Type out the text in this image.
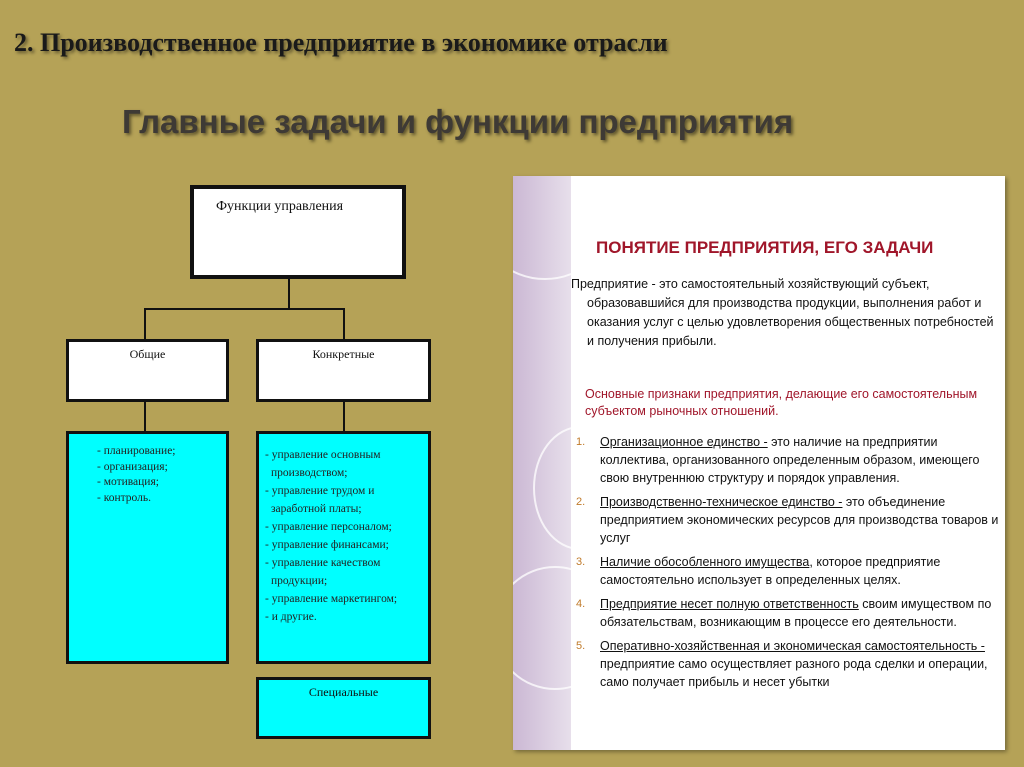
2. Производственное предприятие в экономике отрасли
Главные задачи и функции предприятия
Функции управления
Общие	Конкретные
- планирование;
- организация;
- мотивация;
- контроль.
- управление основным
производством;
- управление трудом и
заработной платы;
- управление персоналом;
- управление финансами;
- управление качеством
продукции;
- управление маркетингом;
- и другие.
Специальные
ПОНЯТИЕ ПРЕДПРИЯТИЯ, ЕГО ЗАДАЧИ
Предприятие - это самостоятельный хозяйствующий субъект,
образовавшийся для производства продукции, выполнения работ и
оказания услуг с целью удовлетворения общественных потребностей
и получения прибыли.
Основные признаки предприятия, делающие его самостоятельным субъектом рыночных отношений.
1. Организационное единство - это наличие на предприятии коллектива, организованного определенным образом, имеющего свою внутреннюю структуру и порядок управления.
2. Производственно-техническое единство - это объединение предприятием экономических ресурсов для производства товаров и услуг
3. Наличие обособленного имущества, которое предприятие самостоятельно использует в определенных целях.
4. Предприятие несет полную ответственность своим имуществом по обязательствам, возникающим в процессе его деятельности.
5. Оперативно-хозяйственная и экономическая самостоятельность - предприятие само осуществляет разного рода сделки и операции, само получает прибыль и несет убытки
